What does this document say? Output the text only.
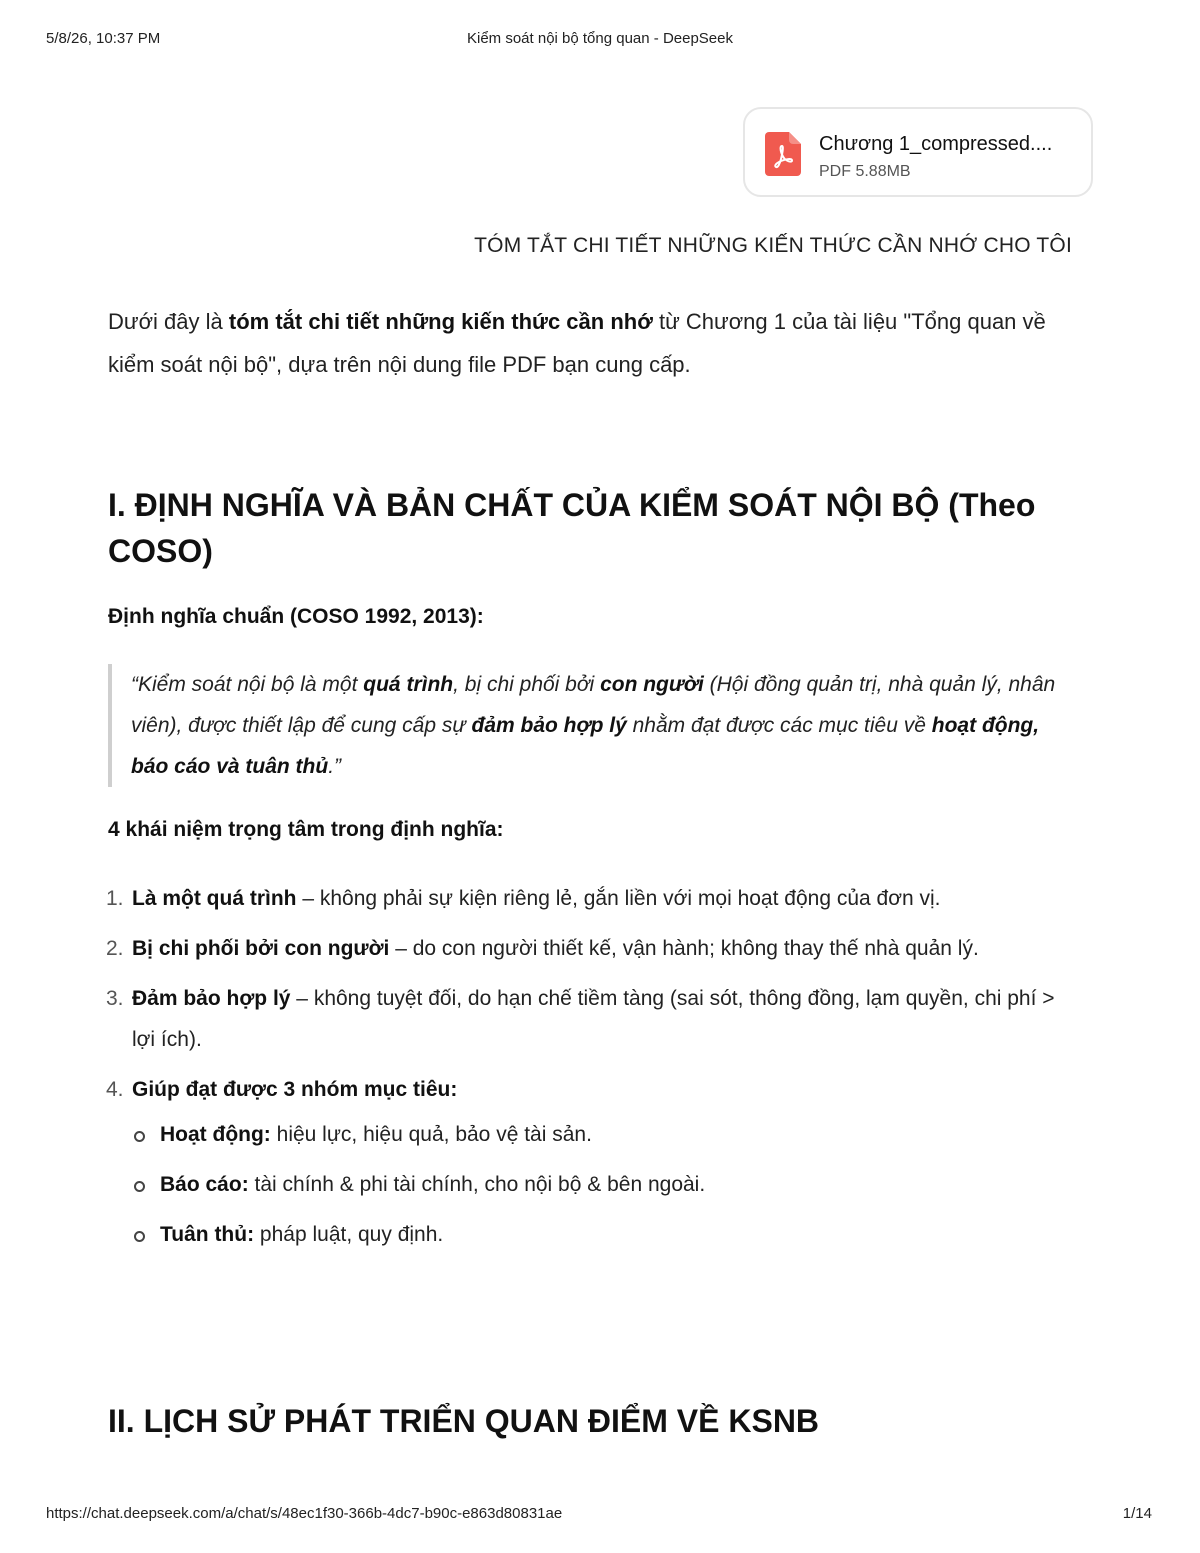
5/8/26, 10:37 PM	Kiểm soát nội bộ tổng quan - DeepSeek
Chương 1_compressed....
PDF 5.88MB
TÓM TẮT CHI TIẾT NHỮNG KIẾN THỨC CẦN NHỚ CHO TÔI

Dưới đây là tóm tắt chi tiết những kiến thức cần nhớ từ Chương 1 của tài liệu "Tổng quan về kiểm soát nội bộ", dựa trên nội dung file PDF bạn cung cấp.

I. ĐỊNH NGHĨA VÀ BẢN CHẤT CỦA KIỂM SOÁT NỘI BỘ (Theo COSO)

Định nghĩa chuẩn (COSO 1992, 2013):

“Kiểm soát nội bộ là một quá trình, bị chi phối bởi con người (Hội đồng quản trị, nhà quản lý, nhân viên), được thiết lập để cung cấp sự đảm bảo hợp lý nhằm đạt được các mục tiêu về hoạt động, báo cáo và tuân thủ.”

4 khái niệm trọng tâm trong định nghĩa:

1. Là một quá trình – không phải sự kiện riêng lẻ, gắn liền với mọi hoạt động của đơn vị.
2. Bị chi phối bởi con người – do con người thiết kế, vận hành; không thay thế nhà quản lý.
3. Đảm bảo hợp lý – không tuyệt đối, do hạn chế tiềm tàng (sai sót, thông đồng, lạm quyền, chi phí > lợi ích).
4. Giúp đạt được 3 nhóm mục tiêu:
Hoạt động: hiệu lực, hiệu quả, bảo vệ tài sản.
Báo cáo: tài chính & phi tài chính, cho nội bộ & bên ngoài.
Tuân thủ: pháp luật, quy định.
II. LỊCH SỬ PHÁT TRIỂN QUAN ĐIỂM VỀ KSNB
https://chat.deepseek.com/a/chat/s/48ec1f30-366b-4dc7-b90c-e863d80831ae	1/14
